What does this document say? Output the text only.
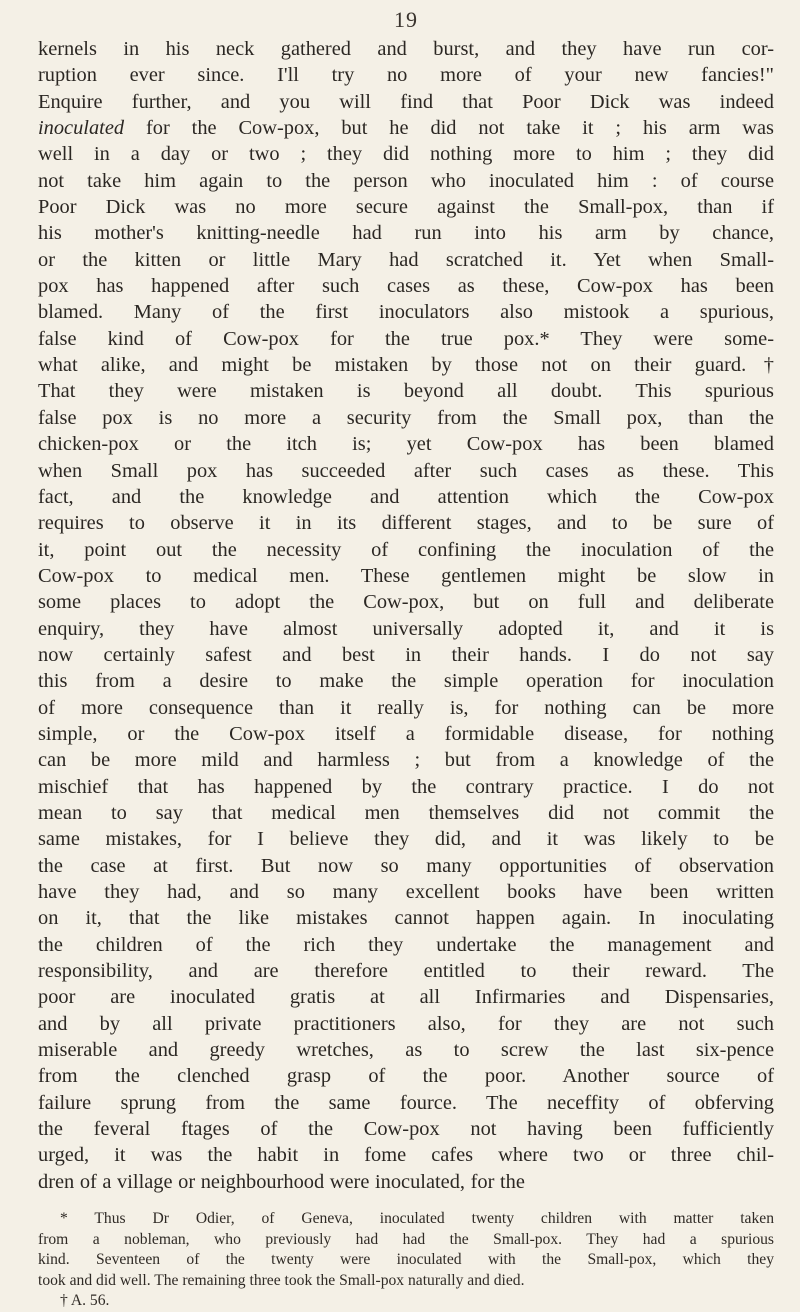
19

kernels in his neck gathered and burst, and they have run cor-
ruption ever since. I'll try no more of your new fancies!"
Enquire further, and you will find that Poor Dick was indeed
inoculated for the Cow-pox, but he did not take it ; his arm was
well in a day or two ; they did nothing more to him ; they did
not take him again to the person who inoculated him : of course
Poor Dick was no more secure against the Small-pox, than if
his mother's knitting-needle had run into his arm by chance,
or the kitten or little Mary had scratched it. Yet when Small-
pox has happened after such cases as these, Cow-pox has been
blamed. Many of the first inoculators also mistook a spurious,
false kind of Cow-pox for the true pox.* They were some-
what alike, and might be mistaken by those not on their guard.†
That they were mistaken is beyond all doubt. This spurious
false pox is no more a security from the Small pox, than the
chicken-pox or the itch is; yet Cow-pox has been blamed
when Small pox has succeeded after such cases as these. This
fact, and the knowledge and attention which the Cow-pox
requires to observe it in its different stages, and to be sure of
it, point out the necessity of confining the inoculation of the
Cow-pox to medical men. These gentlemen might be slow in
some places to adopt the Cow-pox, but on full and deliberate
enquiry, they have almost universally adopted it, and it is
now certainly safest and best in their hands. I do not say
this from a desire to make the simple operation for inoculation
of more consequence than it really is, for nothing can be more
simple, or the Cow-pox itself a formidable disease, for nothing
can be more mild and harmless ; but from a knowledge of the
mischief that has happened by the contrary practice. I do not
mean to say that medical men themselves did not commit the
same mistakes, for I believe they did, and it was likely to be
the case at first. But now so many opportunities of observation
have they had, and so many excellent books have been written
on it, that the like mistakes cannot happen again. In inoculating
the children of the rich they undertake the management and
responsibility, and are therefore entitled to their reward. The
poor are inoculated gratis at all Infirmaries and Dispensaries,
and by all private practitioners also, for they are not such
miserable and greedy wretches, as to screw the last six-pence
from the clenched grasp of the poor. Another source of
failure sprung from the same fource. The neceffity of obferving
the feveral ftages of the Cow-pox not having been fufficiently
urged, it was the habit in fome cafes where two or three chil-
dren of a village or neighbourhood were inoculated, for the

* Thus Dr Odier, of Geneva, inoculated twenty children with matter taken
from a nobleman, who previously had had the Small-pox. They had a spurious
kind. Seventeen of the twenty were inoculated with the Small-pox, which they
took and did well. The remaining three took the Small-pox naturally and died.
† A. 56.
